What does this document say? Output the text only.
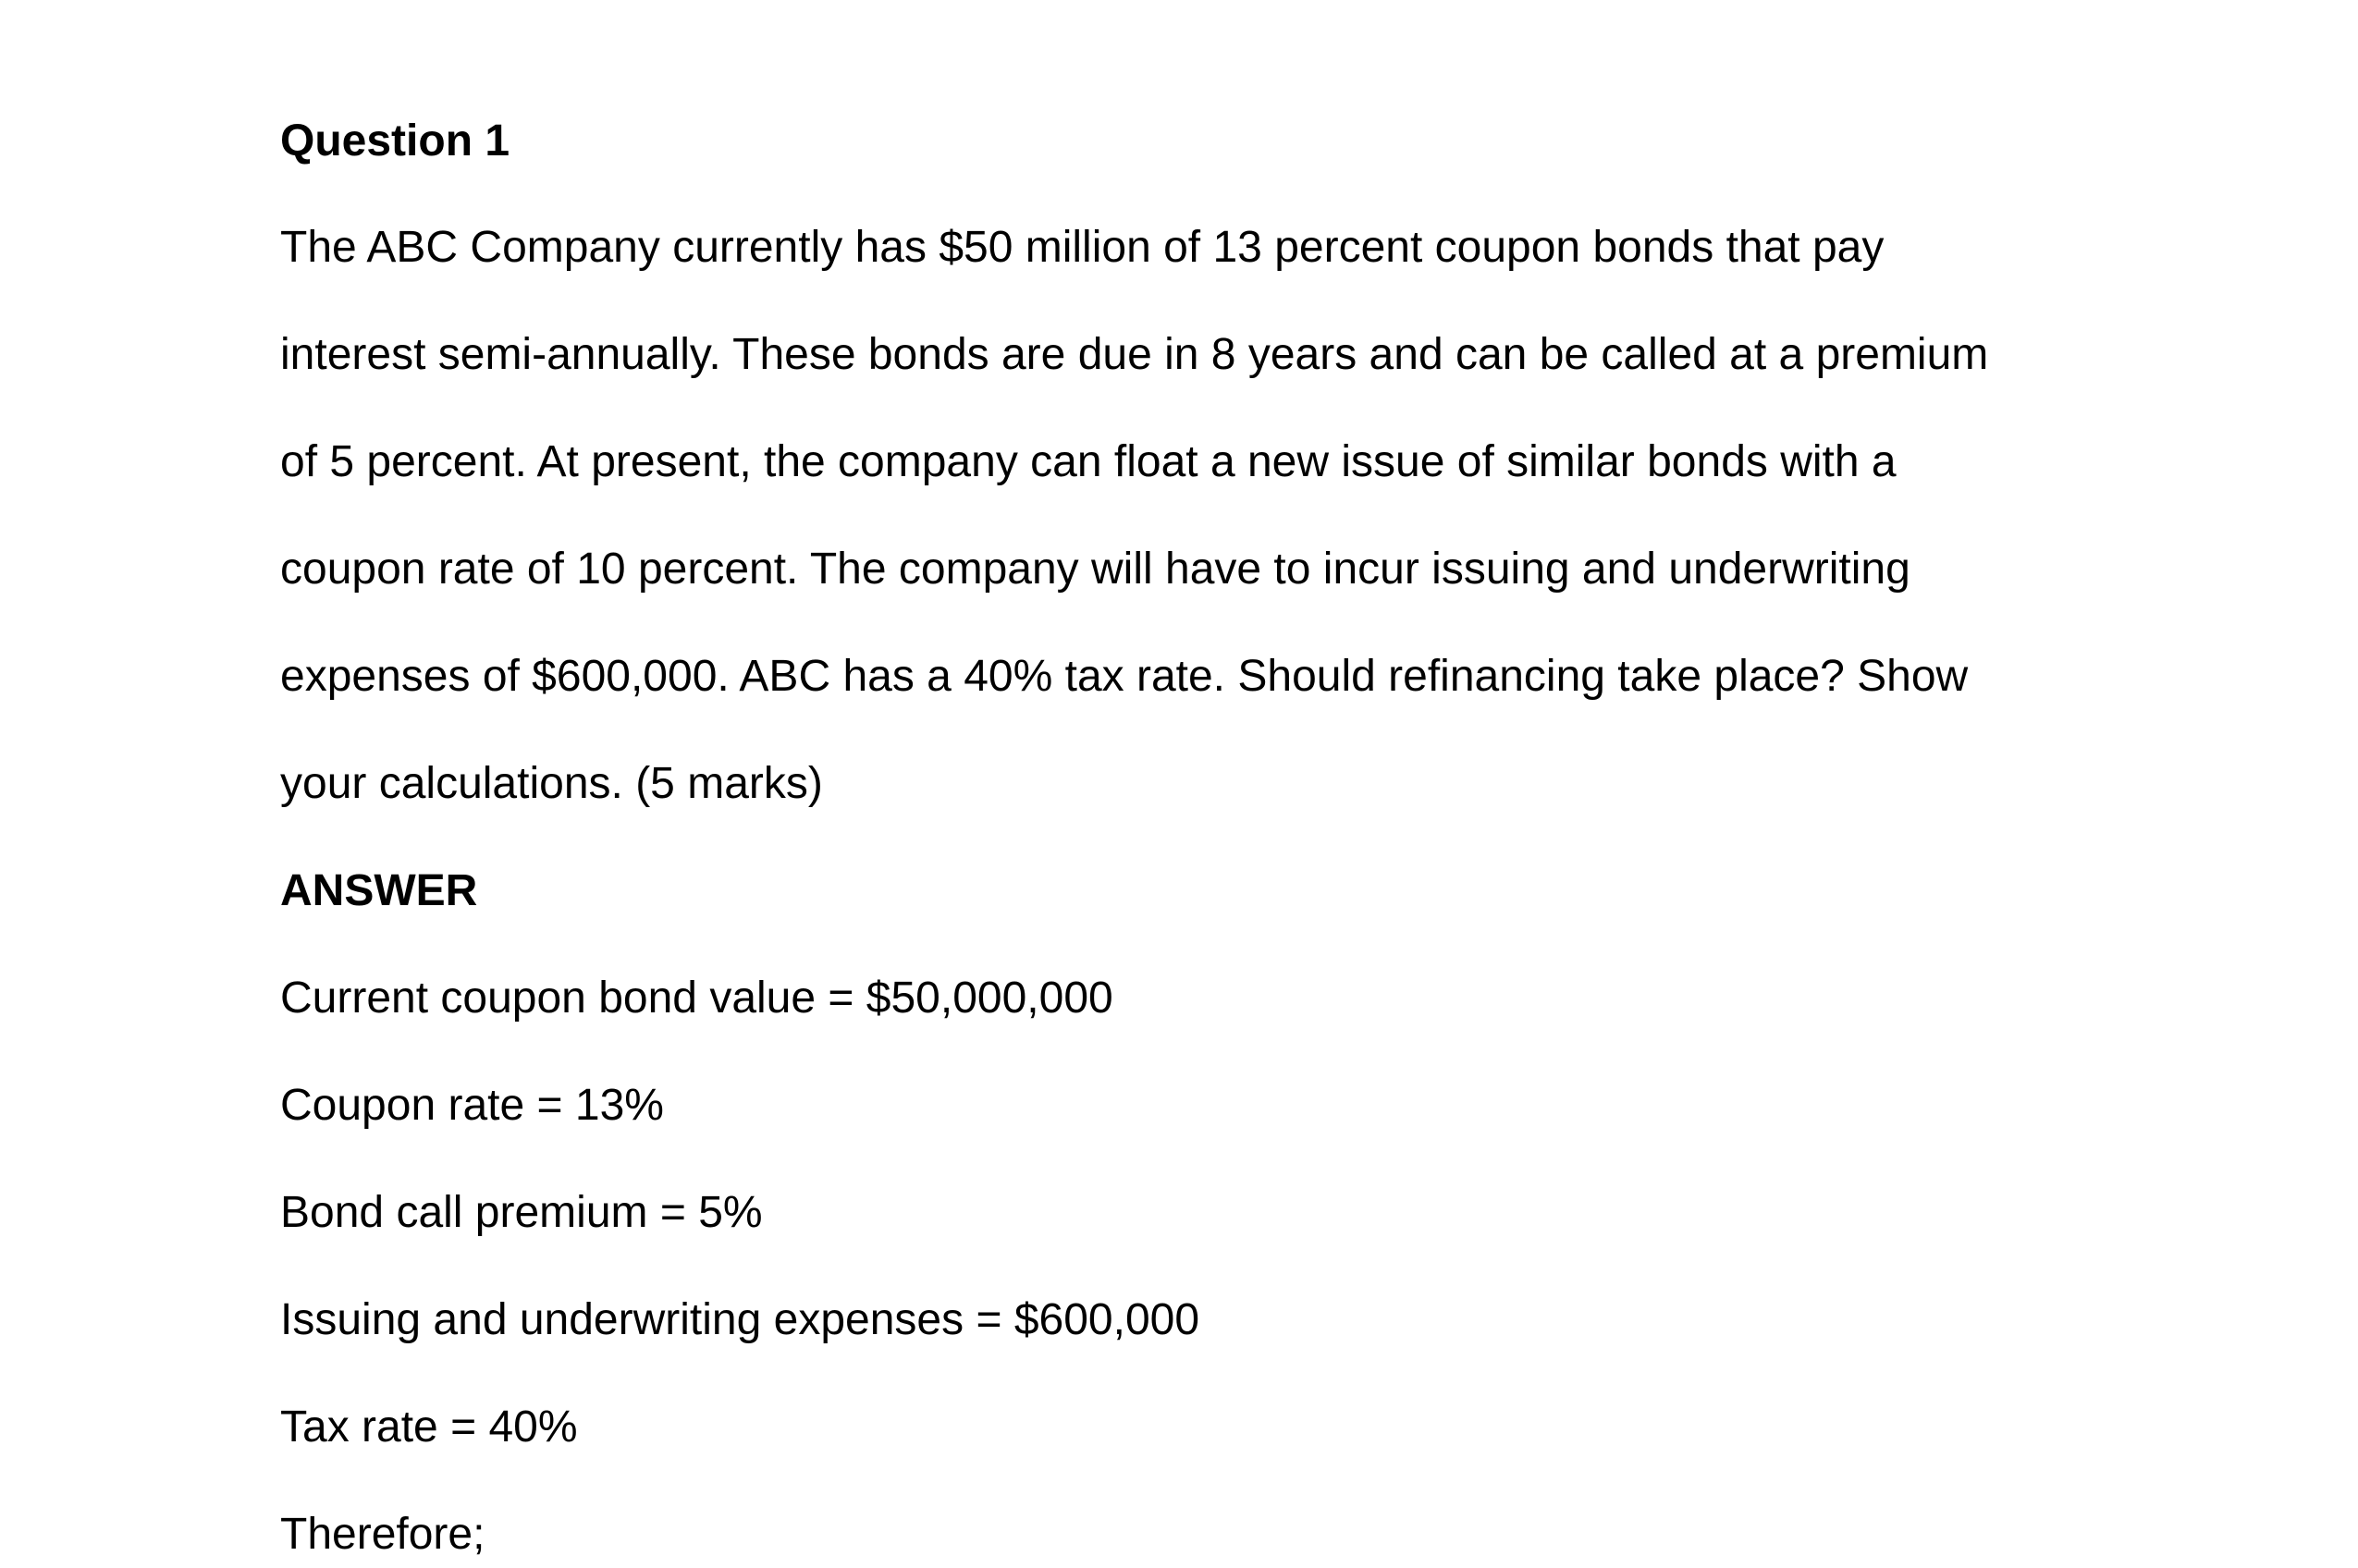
Question 1

The ABC Company currently has $50 million of 13 percent coupon bonds that pay

interest semi-annually. These bonds are due in 8 years and can be called at a premium

of 5 percent. At present, the company can float a new issue of similar bonds with a

coupon rate of 10 percent. The company will have to incur issuing and underwriting

expenses of $600,000. ABC has a 40% tax rate. Should refinancing take place? Show

your calculations. (5 marks)

ANSWER

Current coupon bond value = $50,000,000

Coupon rate = 13%

Bond call premium = 5%

Issuing and underwriting expenses = $600,000

Tax rate = 40%

Therefore;
